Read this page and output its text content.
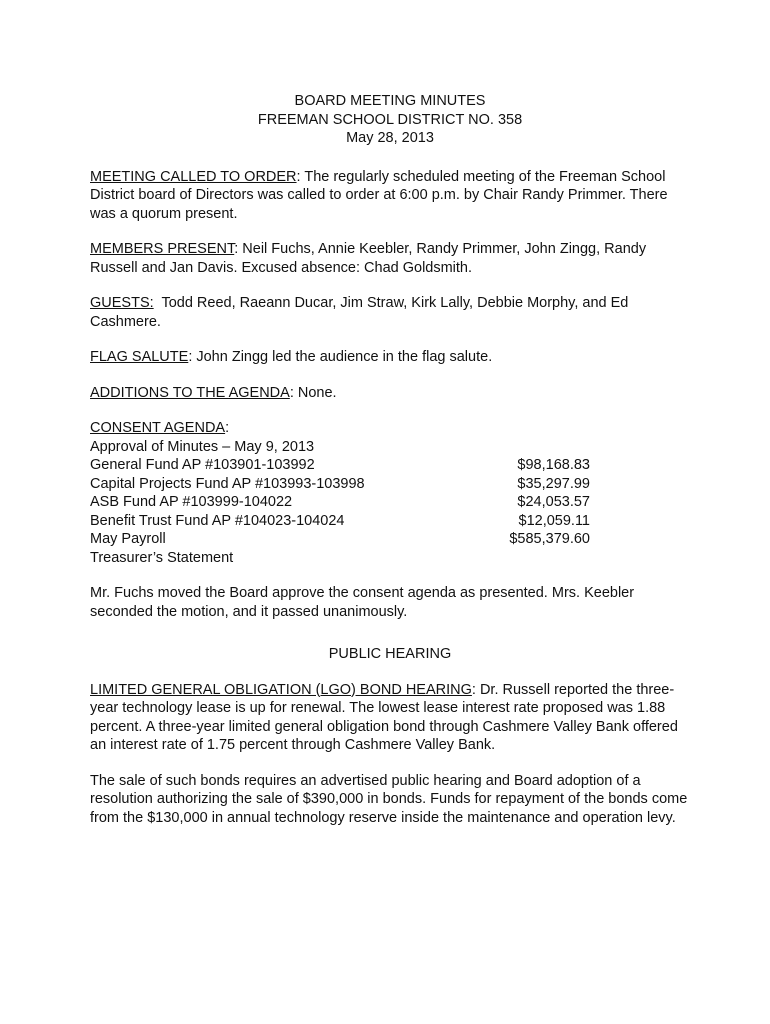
BOARD MEETING MINUTES
FREEMAN SCHOOL DISTRICT NO. 358
May 28, 2013

MEETING CALLED TO ORDER: The regularly scheduled meeting of the Freeman School District board of Directors was called to order at 6:00 p.m. by Chair Randy Primmer. There was a quorum present.

MEMBERS PRESENT: Neil Fuchs, Annie Keebler, Randy Primmer, John Zingg, Randy Russell and Jan Davis. Excused absence: Chad Goldsmith.

GUESTS:  Todd Reed, Raeann Ducar, Jim Straw, Kirk Lally, Debbie Morphy, and Ed Cashmere.

FLAG SALUTE: John Zingg led the audience in the flag salute.

ADDITIONS TO THE AGENDA: None.

CONSENT AGENDA:
Approval of Minutes – May 9, 2013
General Fund AP #103901-103992	$98,168.83
Capital Projects Fund AP #103993-103998	$35,297.99
ASB Fund AP #103999-104022	$24,053.57
Benefit Trust Fund AP #104023-104024	$12,059.11
May Payroll	$585,379.60
Treasurer’s Statement

Mr. Fuchs moved the Board approve the consent agenda as presented. Mrs. Keebler seconded the motion, and it passed unanimously.

PUBLIC HEARING

LIMITED GENERAL OBLIGATION (LGO) BOND HEARING: Dr. Russell reported the three-year technology lease is up for renewal. The lowest lease interest rate proposed was 1.88 percent. A three-year limited general obligation bond through Cashmere Valley Bank offered an interest rate of 1.75 percent through Cashmere Valley Bank.

The sale of such bonds requires an advertised public hearing and Board adoption of a resolution authorizing the sale of $390,000 in bonds. Funds for repayment of the bonds come from the $130,000 in annual technology reserve inside the maintenance and operation levy.
